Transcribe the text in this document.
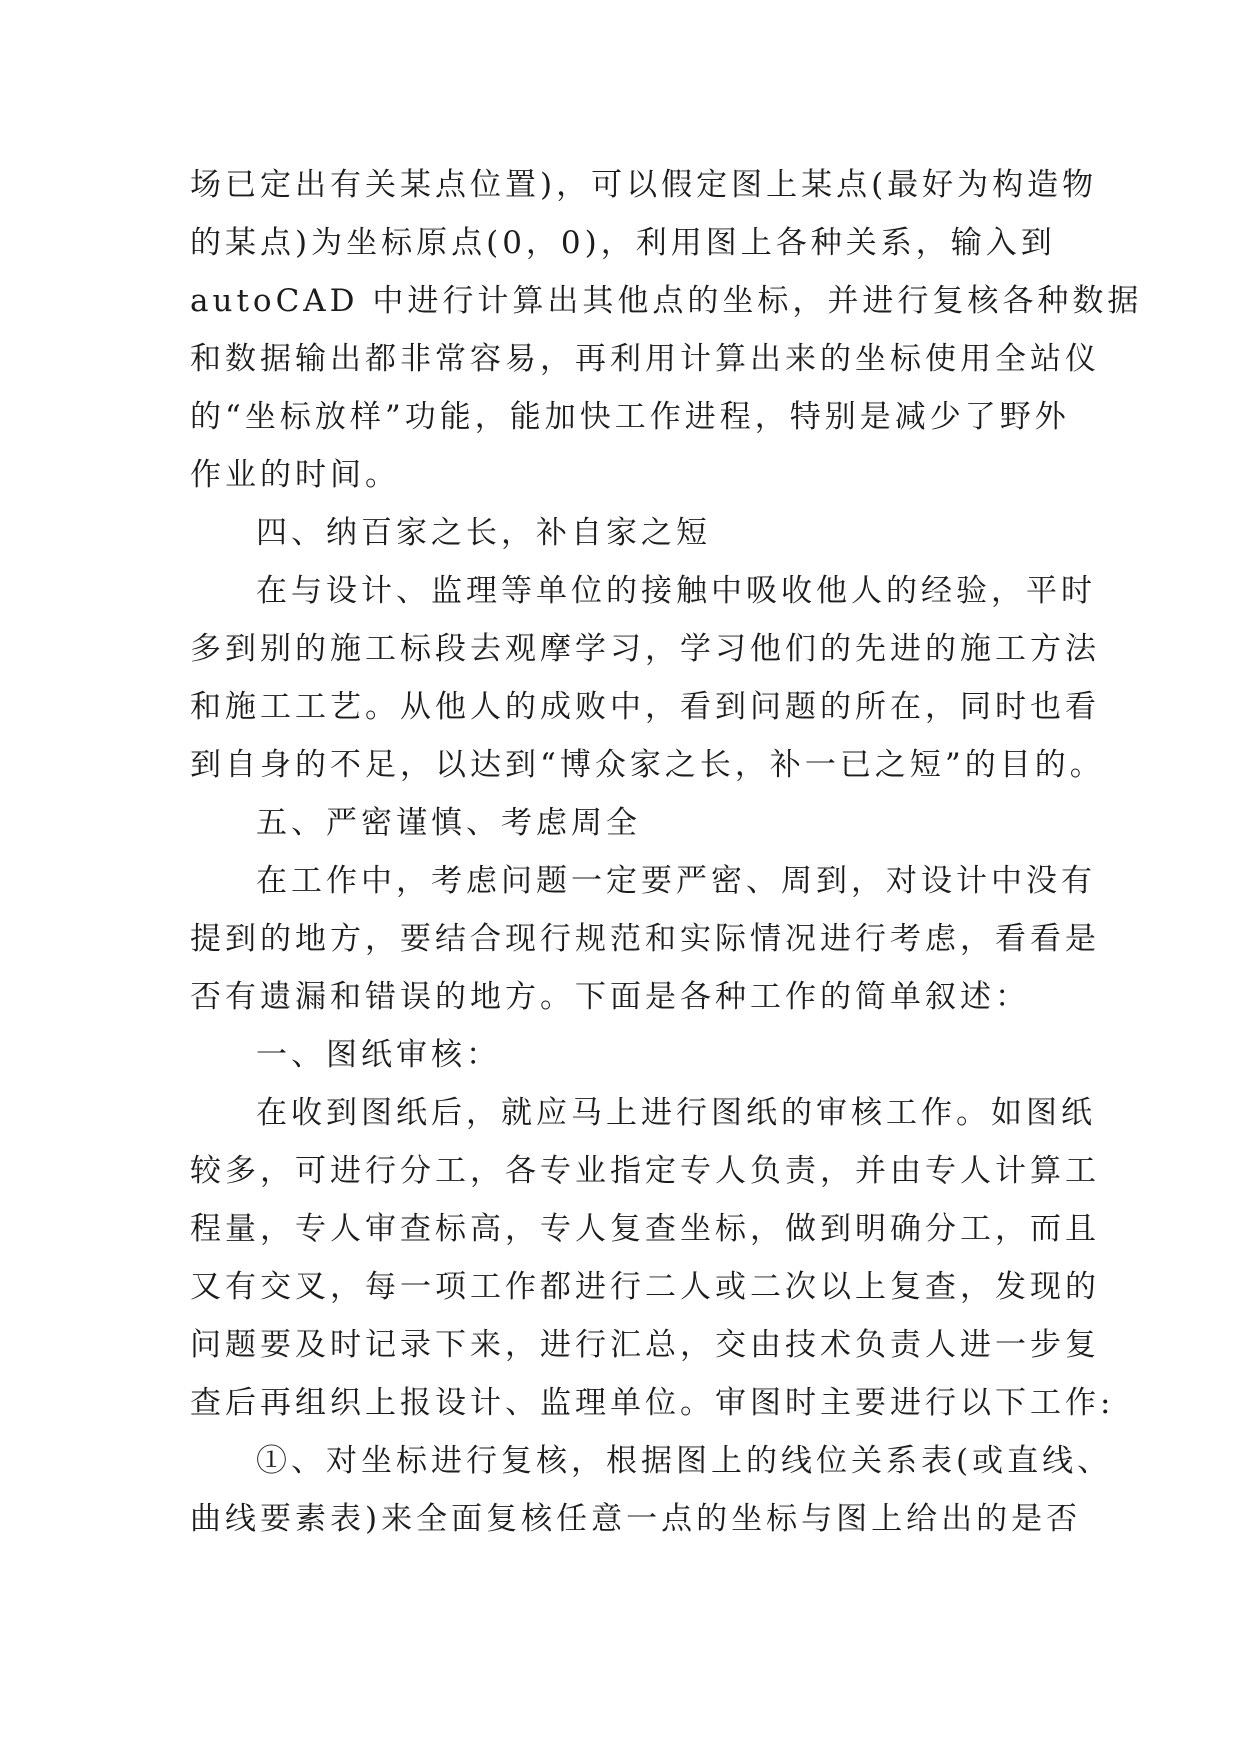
场已定出有关某点位置)，可以假定图上某点(最好为构造物
的某点)为坐标原点(0，0)，利用图上各种关系，输入到
autoCAD 中进行计算出其他点的坐标，并进行复核各种数据
和数据输出都非常容易，再利用计算出来的坐标使用全站仪
的“坐标放样”功能，能加快工作进程，特别是减少了野外
作业的时间。
四、纳百家之长，补自家之短
在与设计、监理等单位的接触中吸收他人的经验，平时
多到别的施工标段去观摩学习，学习他们的先进的施工方法
和施工工艺。从他人的成败中，看到问题的所在，同时也看
到自身的不足，以达到“博众家之长，补一已之短”的目的。
五、严密谨慎、考虑周全
在工作中，考虑问题一定要严密、周到，对设计中没有
提到的地方，要结合现行规范和实际情况进行考虑，看看是
否有遗漏和错误的地方。下面是各种工作的简单叙述：
一、图纸审核：
在收到图纸后，就应马上进行图纸的审核工作。如图纸
较多，可进行分工，各专业指定专人负责，并由专人计算工
程量，专人审查标高，专人复查坐标，做到明确分工，而且
又有交叉，每一项工作都进行二人或二次以上复查，发现的
问题要及时记录下来，进行汇总，交由技术负责人进一步复
查后再组织上报设计、监理单位。审图时主要进行以下工作:
①、对坐标进行复核，根据图上的线位关系表(或直线、
曲线要素表)来全面复核任意一点的坐标与图上给出的是否
